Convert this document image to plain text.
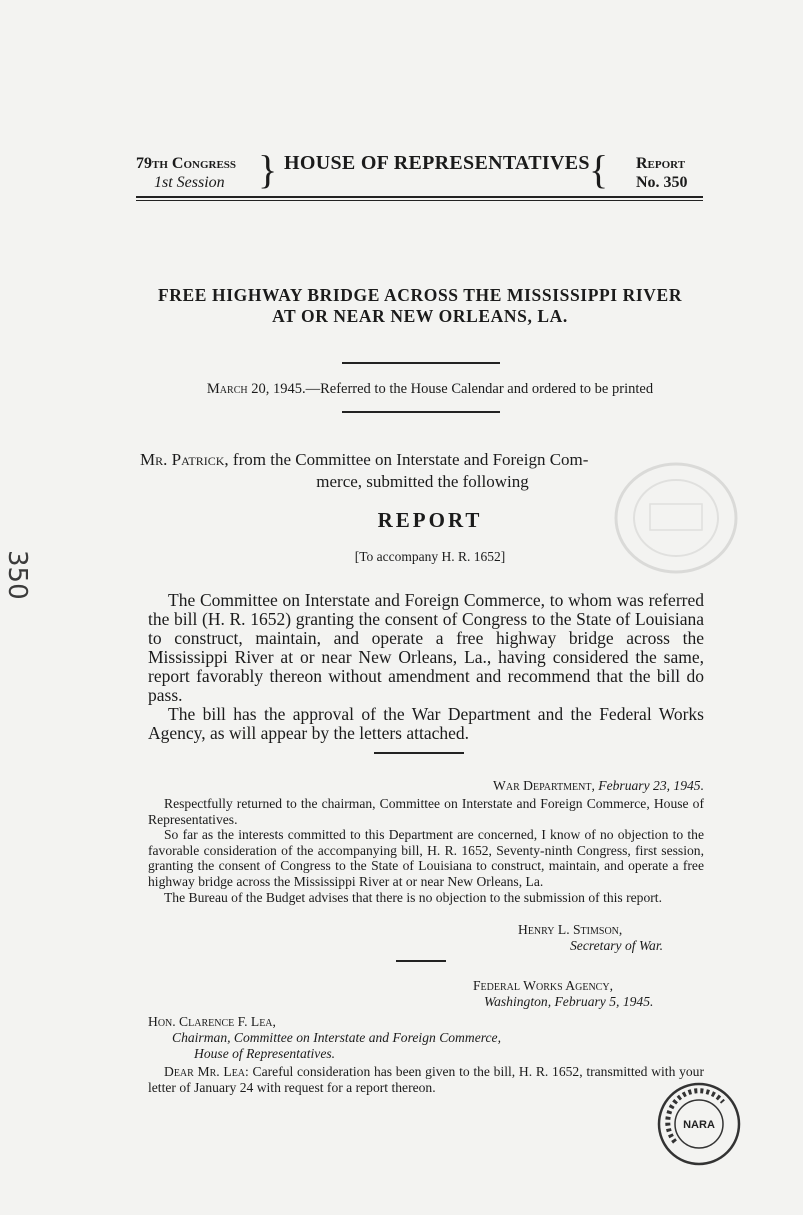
79th Congress
1st Session } HOUSE OF REPRESENTATIVES { Report
No. 350
FREE HIGHWAY BRIDGE ACROSS THE MISSISSIPPI RIVER
AT OR NEAR NEW ORLEANS, LA.
March 20, 1945.—Referred to the House Calendar and ordered to be printed
Mr. Patrick, from the Committee on Interstate and Foreign Com-
merce, submitted the following
REPORT
[To accompany H. R. 1652]

The Committee on Interstate and Foreign Commerce, to whom was referred the bill (H. R. 1652) granting the consent of Congress to the State of Louisiana to construct, maintain, and operate a free highway bridge across the Mississippi River at or near New Orleans, La., having considered the same, report favorably thereon without amendment and recommend that the bill do pass.

The bill has the approval of the War Department and the Federal Works Agency, as will appear by the letters attached.

War Department, February 23, 1945.

Respectfully returned to the chairman, Committee on Interstate and Foreign Commerce, House of Representatives.

So far as the interests committed to this Department are concerned, I know of no objection to the favorable consideration of the accompanying bill, H. R. 1652, Seventy-ninth Congress, first session, granting the consent of Congress to the State of Louisiana to construct, maintain, and operate a free highway bridge across the Mississippi River at or near New Orleans, La.

The Bureau of the Budget advises that there is no objection to the submission of this report.

Henry L. Stimson,
Secretary of War.
Federal Works Agency,
Washington, February 5, 1945.
Hon. Clarence F. Lea,
Chairman, Committee on Interstate and Foreign Commerce,
House of Representatives.
Dear Mr. Lea: Careful consideration has been given to the bill, H. R. 1652, transmitted with your letter of January 24 with request for a report thereon.
350
NARA
